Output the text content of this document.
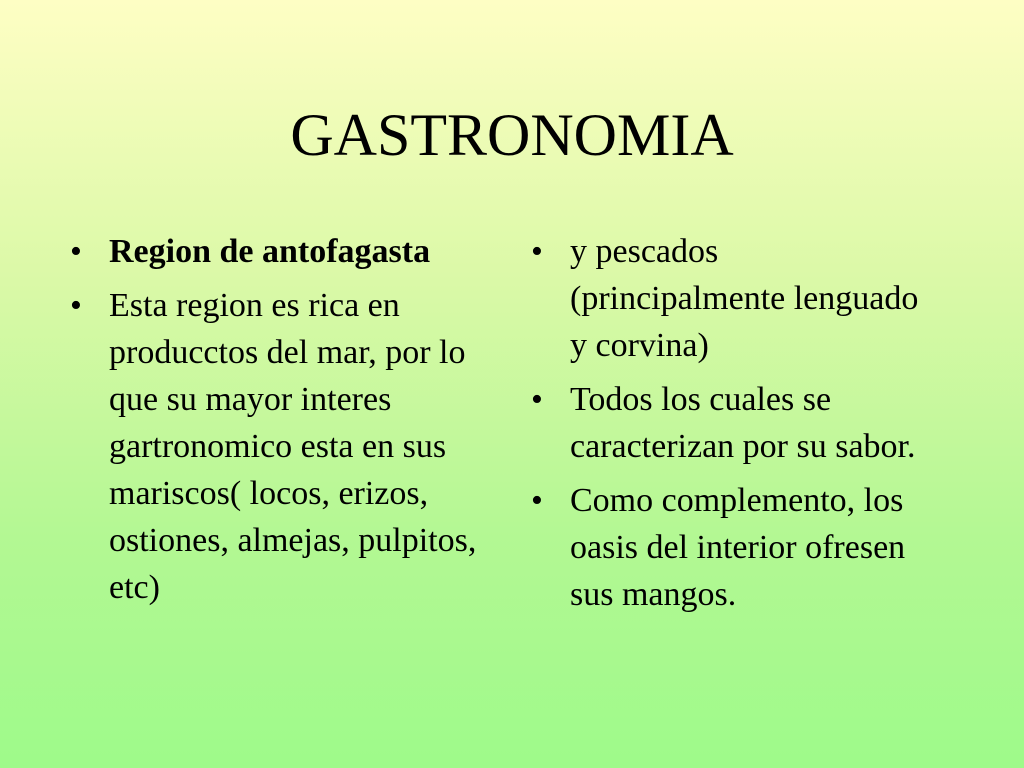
GASTRONOMIA
• Region de antofagasta
• Esta region es rica en producctos del mar, por lo que su mayor interes gartronomico esta en sus mariscos( locos, erizos, ostiones, almejas, pulpitos, etc)
• y pescados (principalmente lenguado y corvina)
• Todos los cuales se caracterizan por su sabor.
• Como complemento, los oasis del interior ofresen sus mangos.
